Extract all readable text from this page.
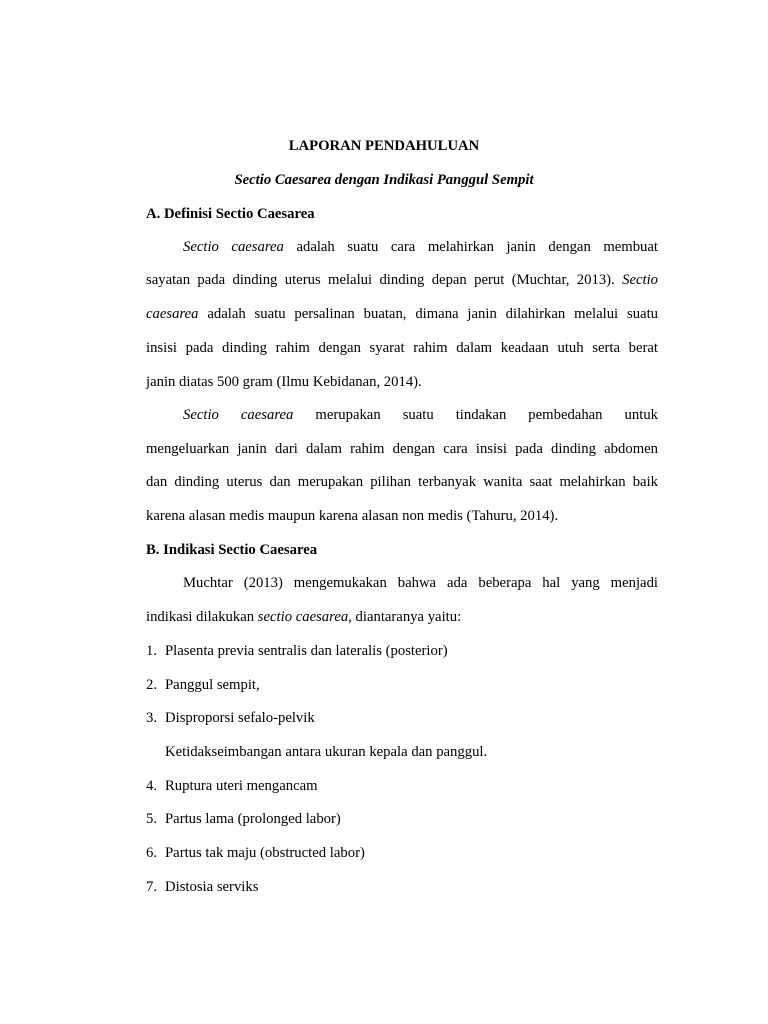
LAPORAN PENDAHULUAN
Sectio Caesarea dengan Indikasi Panggul Sempit
A. Definisi Sectio Caesarea
Sectio caesarea adalah suatu cara melahirkan janin dengan membuat
sayatan pada dinding uterus melalui dinding depan perut (Muchtar, 2013). Sectio
caesarea adalah suatu persalinan buatan, dimana janin dilahirkan melalui suatu
insisi pada dinding rahim dengan syarat rahim dalam keadaan utuh serta berat
janin diatas 500 gram (Ilmu Kebidanan, 2014).
Sectio caesarea merupakan suatu tindakan pembedahan untuk
mengeluarkan janin dari dalam rahim dengan cara insisi pada dinding abdomen
dan dinding uterus dan merupakan pilihan terbanyak wanita saat melahirkan baik
karena alasan medis maupun karena alasan non medis (Tahuru, 2014).
B. Indikasi Sectio Caesarea
Muchtar (2013) mengemukakan bahwa ada beberapa hal yang menjadi
indikasi dilakukan sectio caesarea, diantaranya yaitu:
1. Plasenta previa sentralis dan lateralis (posterior)
2. Panggul sempit,
3. Disproporsi sefalo-pelvik
Ketidakseimbangan antara ukuran kepala dan panggul.
4. Ruptura uteri mengancam
5. Partus lama (prolonged labor)
6. Partus tak maju (obstructed labor)
7. Distosia serviks
